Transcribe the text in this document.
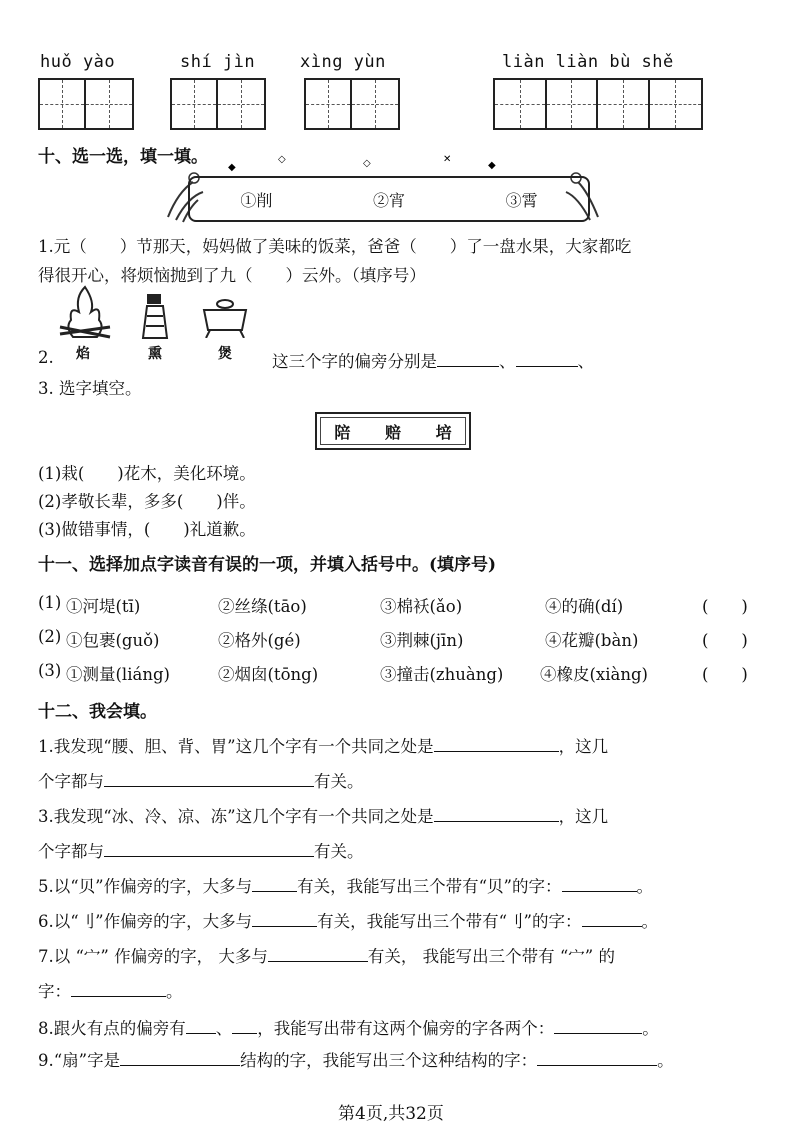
huǒ yào	shí jìn	xìng yùn	liàn liàn bù shě
十、选一选，填一填。
◆
◇	◇	✕
◆
①削	②宵	③霄
1.元（　　）节那天，妈妈做了美味的饭菜，爸爸（　　）了一盘水果，大家都吃
得很开心，将烦恼抛到了九（　　）云外。（填序号）
2. 焰	熏	煲 这三个字的偏旁分别是	、	、
3. 选字填空。
陪 赔 培
(1)栽(　　)花木，美化环境。
(2)孝敬长辈，多多(　　)伴。
(3)做错事情，(　　)礼道歉。
十一、选择加点字读音有误的一项，并填入括号中。(填序号)
(1) ①河堤(tī)	②丝绦(tāo)	③棉袄(ǎo)	④的确(dí)	(　　)
(2) ①包裹(guǒ)	②格外(gé)	③荆棘(jīn)	④花瓣(bàn)	(　　)
(3) ①测量(liáng)	②烟囱(tōng)	③撞击(zhuàng) ④橡皮(xiàng)	(　　)
十二、我会填。
1.我发现“腰、胆、背、胃”这几个字有一个共同之处是	，这几
个字都与	有关。
3.我发现“冰、冷、凉、冻”这几个字有一个共同之处是	，这几
个字都与	有关。
5.以“贝”作偏旁的字，大多与	有关，我能写出三个带有“贝”的字：	。
6.以“刂”作偏旁的字，大多与	有关，我能写出三个带有“刂”的字：	。
7.以 “宀” 作偏旁的字， 大多与	有关， 我能写出三个带有 “宀” 的
字：	。
8.跟火有点的偏旁有 、 ，我能写出带有这两个偏旁的字各两个：	。
9.“扇”字是	结构的字，我能写出三个这种结构的字：	。
第4页,共32页
